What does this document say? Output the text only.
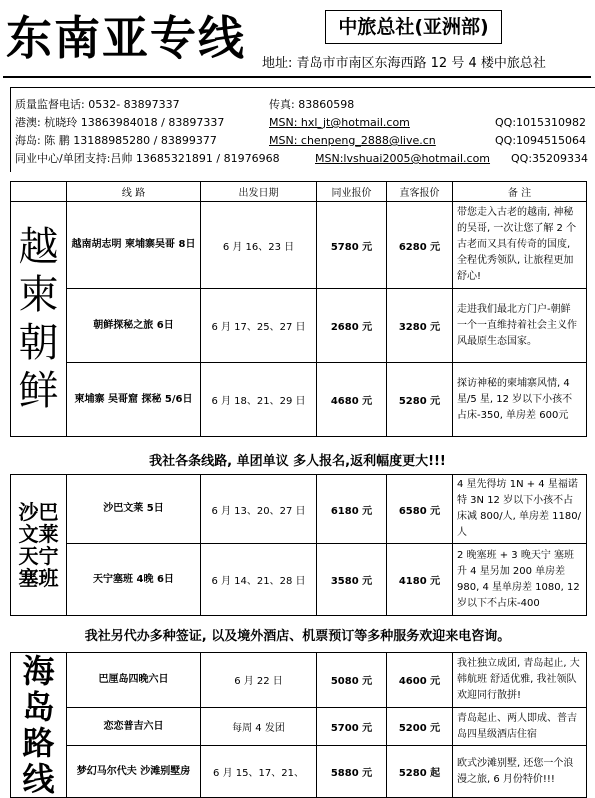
东南亚专线	中旅总社(亚洲部)
地址: 青岛市市南区东海西路 12 号 4 楼中旅总社
质量监督电话: 0532- 83897337	传真: 83860598
港澳: 杭晓玲 13863984018 / 83897337	MSN: hxl_jt@hotmail.com	QQ:1015310982
海岛: 陈 鹏 13188985280 / 83899377	MSN: chenpeng_2888@live.cn	QQ:1094515064
同业中心/单团支持:吕帅 13685321891 / 81976968	MSN:lvshuai2005@hotmail.com QQ:35209334
	线 路	出发日期	同业报价	直客报价	备 注
越柬 朝鲜	越南胡志明 柬埔寨吴哥 8日	6 月 16、23 日	5780 元	6280 元	带您走入古老的越南, 神秘的吴哥, 一次让您了解 2 个古老而又具有传奇的国度, 全程优秀领队, 让旅程更加舒心!
	朝鲜探秘之旅 6日	6 月 17、25、27 日	2680 元	3280 元	走进我们最北方门户-朝鲜 一个一直维持着社会主义作风最原生态国家。
	柬埔寨 吴哥窟 探秘 5/6日	6 月 18、21、29 日	4680 元	5280 元	探访神秘的柬埔寨风情, 4 星/5 星, 12 岁以下小孩不占床-350, 单房差 600元
我社各条线路, 单团单议 多人报名,返利幅度更大!!!
沙巴文莱 天宁塞班	沙巴文莱 5日	6 月 13、20、27 日	6180 元	6580 元	4 星先得坊 1N + 4 星福诺特 3N 12 岁以下小孩不占床减 800/人, 单房差 1180/人
	天宁塞班 4晚 6日	6 月 14、21、28 日	3580 元	4180 元	2 晚塞班 + 3 晚天宁 塞班升 4 星另加 200 单房差 980, 4 星单房差 1080, 12 岁以下不占床-400
我社另代办多种签证, 以及境外酒店、机票预订等多种服务欢迎来电咨询。
海岛路线	巴厘岛四晚六日	6 月 22 日	5080 元	4600 元	我社独立成团, 青岛起止, 大韩航班 舒适优雅, 我社领队欢迎同行散拼!
	恋恋普吉六日	每周 4 发团	5700 元	5200 元	青岛起止、两人即成、普吉岛四星级酒店住宿
	梦幻马尔代夫 沙滩别墅房	6 月 15、17、21、	5880 元	5280 起	欧式沙滩别墅, 还您一个浪漫之旅, 6 月份特价!!!
